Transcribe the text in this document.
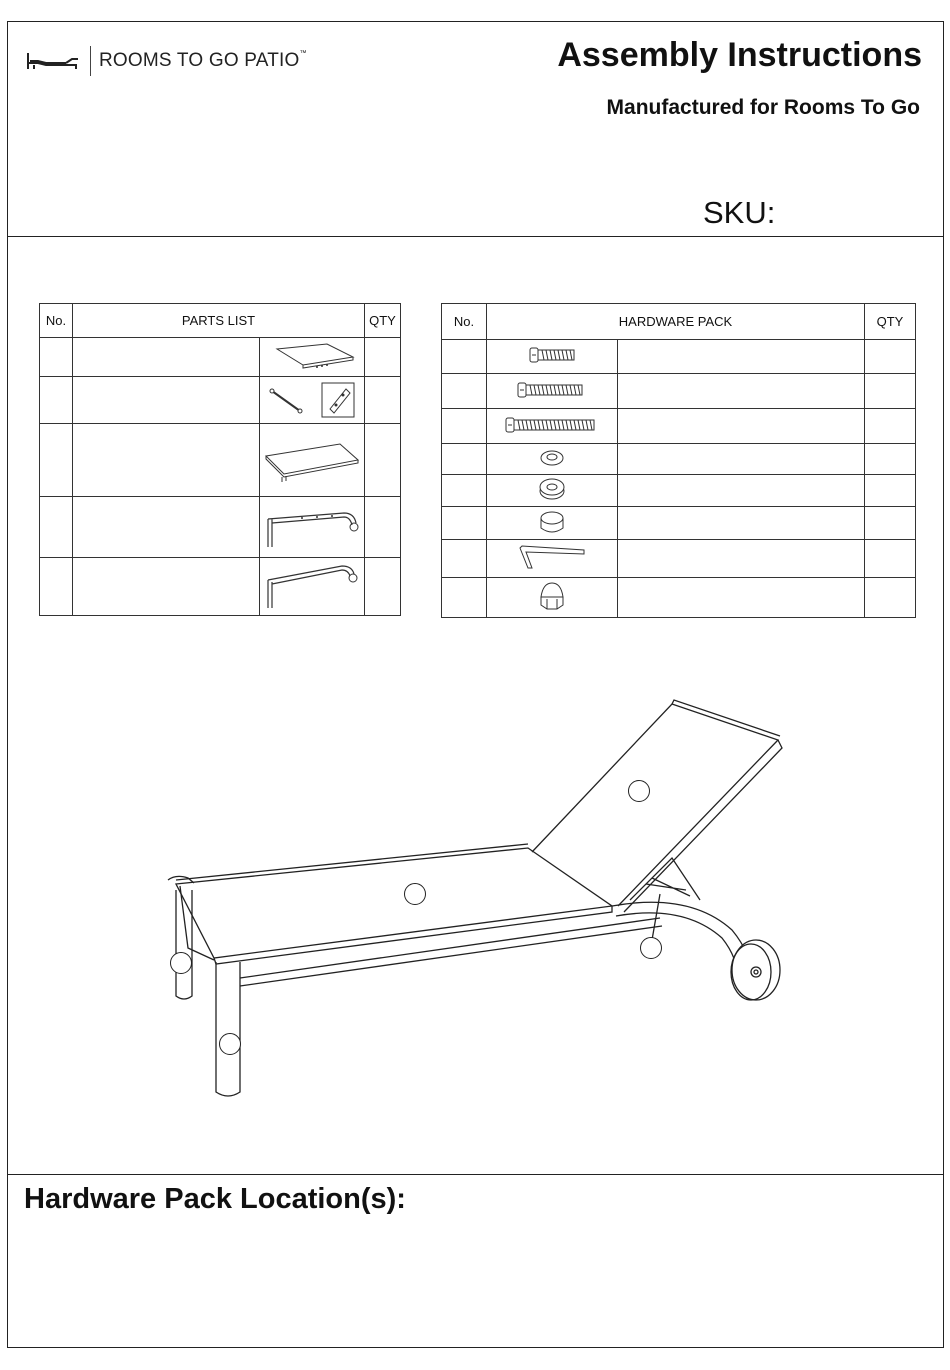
ROOMS TO GO PATIO™	Assembly Instructions
Manufactured for Rooms To Go
SKU:
No.	PARTS LIST		QTY

				No.	HARDWARE PACK		QTY

Hardware Pack Location(s):
